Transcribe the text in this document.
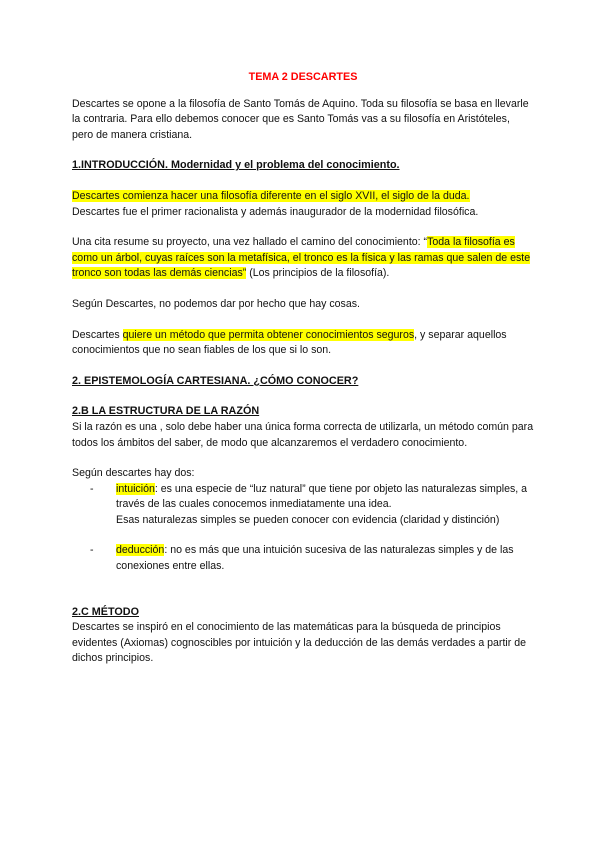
TEMA 2 DESCARTES

Descartes se opone a la filosofía de Santo Tomás de Aquino. Toda su filosofía se basa en llevarle la contraria. Para ello debemos conocer que es Santo Tomás vas a su filosofía en Aristóteles, pero de manera cristiana.

1.INTRODUCCIÓN. Modernidad y el problema del conocimiento.

Descartes comienza hacer una filosofía diferente en el siglo XVII, el siglo de la duda.
Descartes fue el primer racionalista y además inaugurador de la modernidad filosófica.

Una cita resume su proyecto, una vez hallado el camino del conocimiento: “Toda la filosofía es como un árbol, cuyas raíces son la metafísica, el tronco es la física y las ramas que salen de este tronco son todas las demás ciencias” (Los principios de la filosofía).

Según Descartes, no podemos dar por hecho que hay cosas.

Descartes quiere un método que permita obtener conocimientos seguros, y separar aquellos conocimientos que no sean fiables de los que si lo son.

2. EPISTEMOLOGÍA CARTESIANA. ¿CÓMO CONOCER?

2.B LA ESTRUCTURA DE LA RAZÓN

Si la razón es una , solo debe haber una única forma correcta de utilizarla, un método común para todos los ámbitos del saber, de modo que alcanzaremos el verdadero conocimiento.

Según descartes hay dos:

- intuición: es una especie de “luz natural” que tiene por objeto las naturalezas simples, a través de las cuales conocemos inmediatamente una idea.
Esas naturalezas simples se pueden conocer con evidencia (claridad y distinción)
- deducción: no es más que una intuición sucesiva de las naturalezas simples y de las conexiones entre ellas.

2.C MÉTODO

Descartes se inspiró en el conocimiento de las matemáticas para la búsqueda de principios evidentes (Axiomas) cognoscibles por intuición y la deducción de las demás verdades a partir de dichos principios.
